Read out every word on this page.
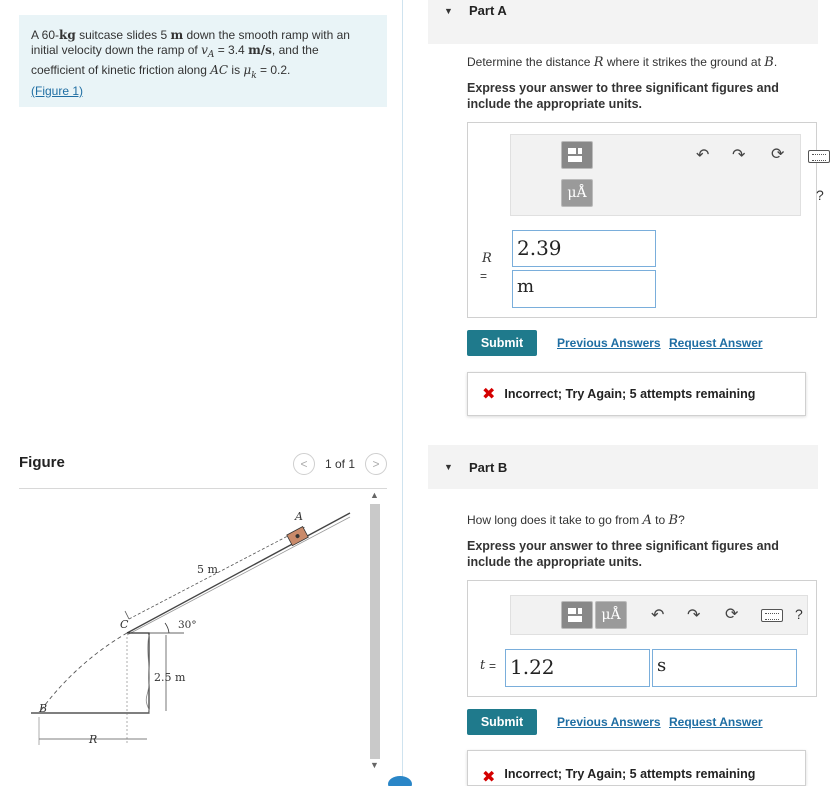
A 60-kg suitcase slides 5 m down the smooth ramp with an initial velocity down the ramp of $v_A = 3.4$ m/s, and the coefficient of kinetic friction along AC is $\mu_k = 0.2$.
(Figure 1)
Figure	< 1 of 1 >
A
C
B
R
5 m
30°
2.5 m
▲
▼
▼ Part A
Determine the distance R where it strikes the ground at B.
Express your answer to three significant figures and include the appropriate units.
μÅ
↶ ↷ ⟳
?
R
=
2.39
m
Submit	Previous Answers Request Answer
✖ Incorrect; Try Again; 5 attempts remaining
▼ Part B
How long does it take to go from A to B?
Express your answer to three significant figures and include the appropriate units.
μÅ	↶ ↷ ⟳	?
t = 1.22	s
Submit	Previous Answers Request Answer
✖ Incorrect; Try Again; 5 attempts remaining
